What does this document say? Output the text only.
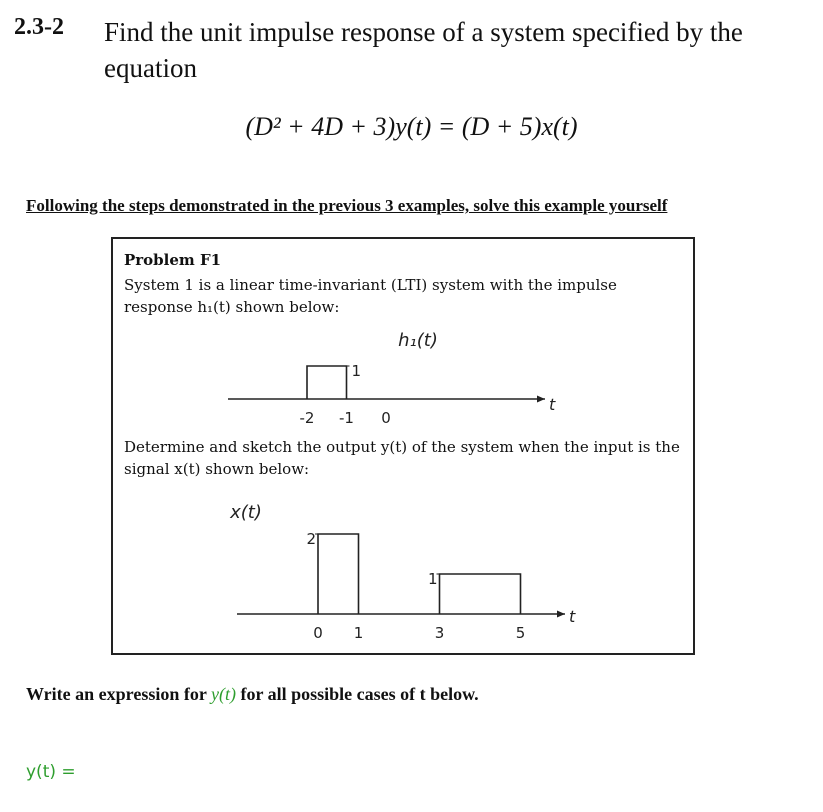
2.3-2 Find the unit impulse response of a system specified by the equation
(D² + 4D + 3)y(t) = (D + 5)x(t)
Following the steps demonstrated in the previous 3 examples, solve this example yourself
Problem F1
System 1 is a linear time-invariant (LTI) system with the impulse response h₁(t) shown below:
Determine and sketch the output y(t) of the system when the input is the signal x(t) shown below:
1
-2 -1 0
h₁(t)
t
2
1
0 1	3	5
x(t)
t
Write an expression for y(t) for all possible cases of t below.
y(t) =
